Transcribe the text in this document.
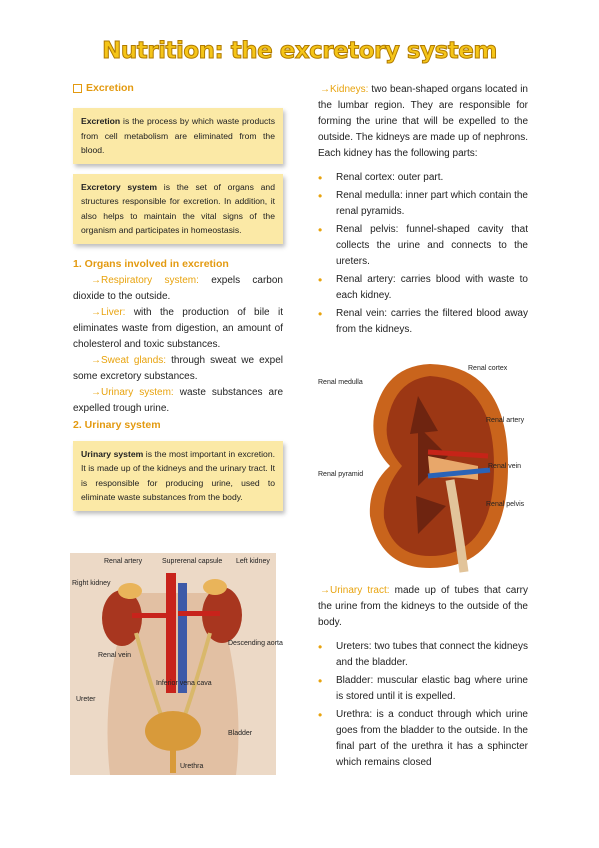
Nutrition: the excretory system
Excretion
Excretion is the process by which waste products from cell metabolism are eliminated from the blood.
Excretory system is the set of organs and structures responsible for excretion. In addition, it also helps to maintain the vital signs of the organism and participates in homeostasis.
1. Organs involved in excretion
→Respiratory system: expels carbon dioxide to the outside.
→Liver: with the production of bile it eliminates waste from digestion, an amount of cholesterol and toxic substances.
→Sweat glands: through sweat we expel some excretory substances.
→Urinary system: waste substances are expelled trough urine.
2. Urinary system
Urinary system is the most important in excretion. It is made up of the kidneys and the urinary tract. It is responsible for producing urine, used to eliminate waste substances from the body.
Renal artery	Suprerenal capsule Left kidney
Right kidney
Descending aorta
Renal vein
Inferior vena cava
Ureter
Bladder
Urethra
→Kidneys: two bean-shaped organs located in the lumbar region. They are responsible for forming the urine that will be expelled to the outside. The kidneys are made up of nephrons. Each kidney has the following parts:
• Renal cortex: outer part.
• Renal medulla: inner part which contain the renal pyramids.
• Renal pelvis: funnel-shaped cavity that collects the urine and connects to the ureters.
• Renal artery: carries blood with waste to each kidney.
• Renal vein: carries the filtered blood away from the kidneys.
Renal cortex
Renal medulla
Renal artery
Renal vein
Renal pyramid
Renal pelvis
→Urinary tract: made up of tubes that carry the urine from the kidneys to the outside of the body.
• Ureters: two tubes that connect the kidneys and the bladder.
• Bladder: muscular elastic bag where urine is stored until it is expelled.
• Urethra: is a conduct through which urine goes from the bladder to the outside. In the final part of the urethra it has a sphincter which remains closed
